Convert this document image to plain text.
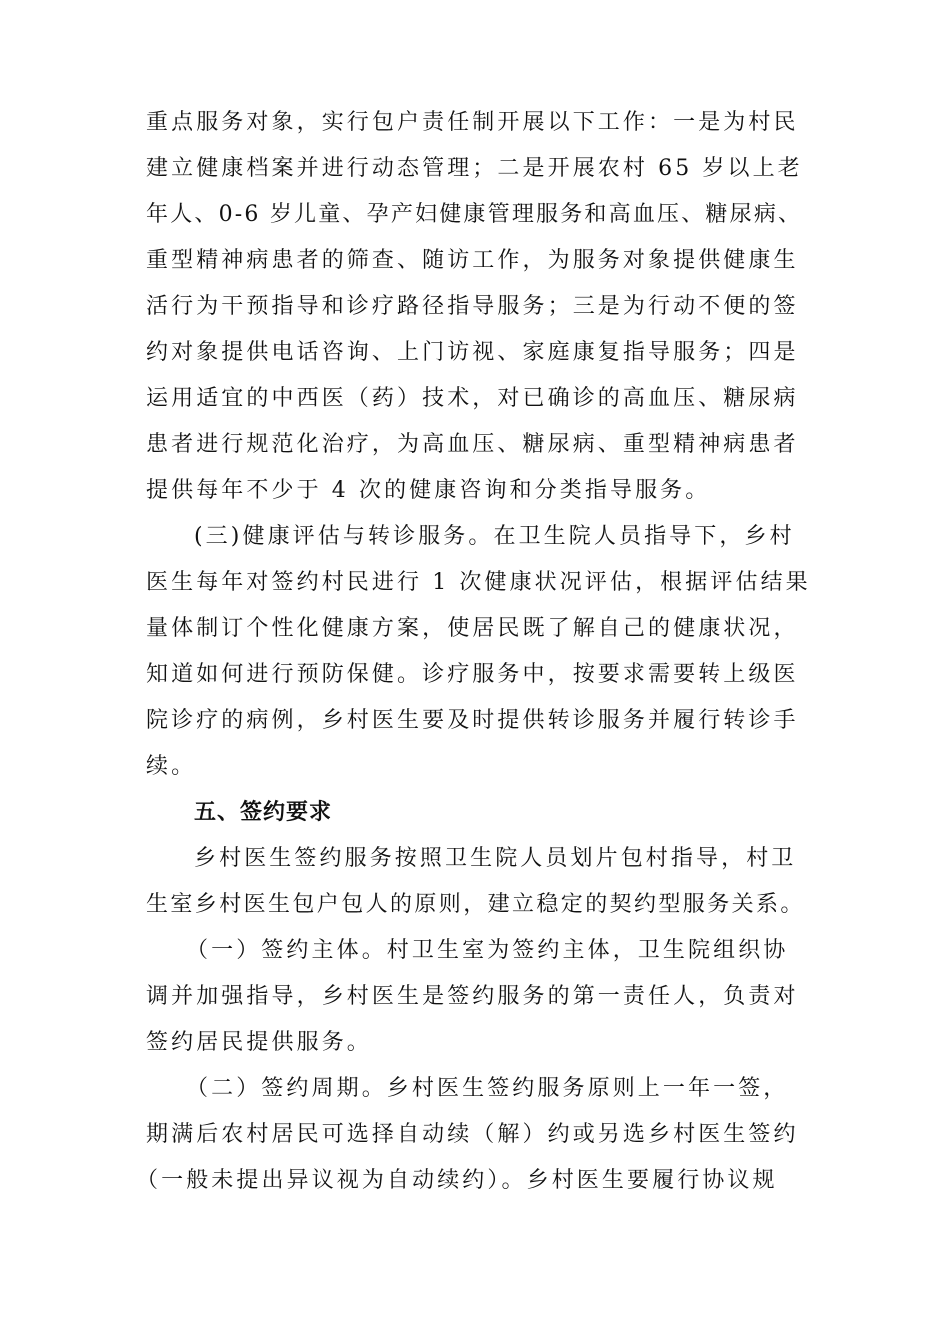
重点服务对象，实行包户责任制开展以下工作：一是为村民
建立健康档案并进行动态管理；二是开展农村 65 岁以上老
年人、0-6 岁儿童、孕产妇健康管理服务和高血压、糖尿病、
重型精神病患者的筛查、随访工作，为服务对象提供健康生
活行为干预指导和诊疗路径指导服务；三是为行动不便的签
约对象提供电话咨询、上门访视、家庭康复指导服务；四是
运用适宜的中西医（药）技术，对已确诊的高血压、糖尿病
患者进行规范化治疗，为高血压、糖尿病、重型精神病患者
提供每年不少于 4 次的健康咨询和分类指导服务。
(三)健康评估与转诊服务。在卫生院人员指导下，乡村
医生每年对签约村民进行 1 次健康状况评估，根据评估结果
量体制订个性化健康方案，使居民既了解自己的健康状况，
知道如何进行预防保健。诊疗服务中，按要求需要转上级医
院诊疗的病例，乡村医生要及时提供转诊服务并履行转诊手
续。
五、签约要求
乡村医生签约服务按照卫生院人员划片包村指导，村卫
生室乡村医生包户包人的原则，建立稳定的契约型服务关系。
（一）签约主体。村卫生室为签约主体，卫生院组织协
调并加强指导，乡村医生是签约服务的第一责任人，负责对
签约居民提供服务。
（二）签约周期。乡村医生签约服务原则上一年一签，
期满后农村居民可选择自动续（解）约或另选乡村医生签约
（一般未提出异议视为自动续约）。乡村医生要履行协议规
